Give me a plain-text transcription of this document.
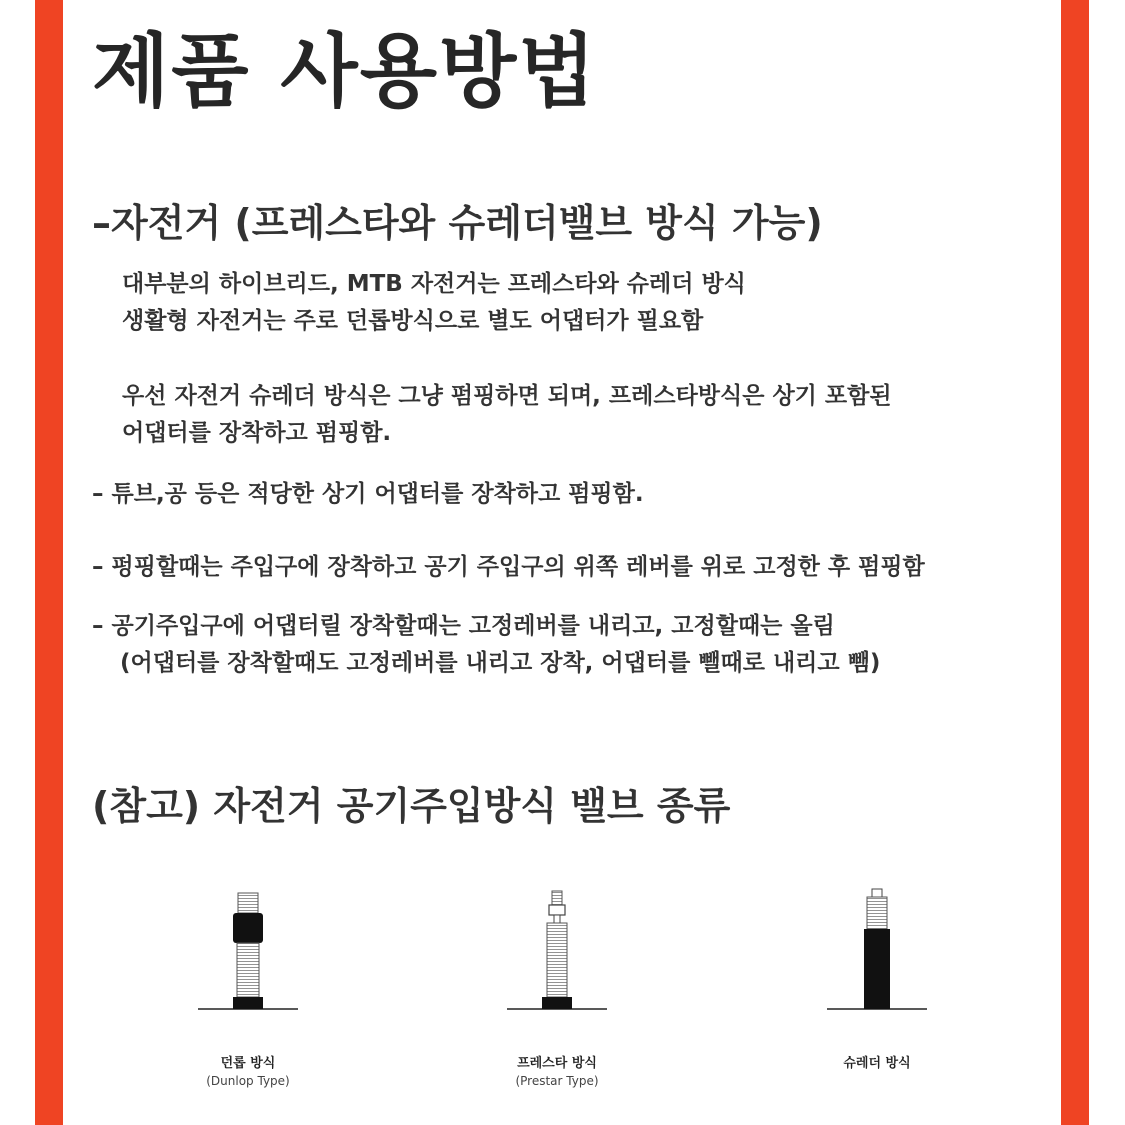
제품 사용방법
–자전거 (프레스타와 슈레더밸브 방식 가능)
대부분의 하이브리드, MTB 자전거는 프레스타와 슈레더 방식
생활형 자전거는 주로 던롭방식으로 별도 어댑터가 필요함
우선 자전거 슈레더 방식은 그냥 펌핑하면 되며, 프레스타방식은 상기 포함된
어댑터를 장착하고 펌핑함.
– 튜브,공 등은 적당한 상기 어댑터를 장착하고 펌핑함.
– 펑핑할때는 주입구에 장착하고 공기 주입구의 위쪽 레버를 위로 고정한 후 펌핑함
– 공기주입구에 어댑터릴 장착할때는 고정레버를 내리고, 고정할때는 올림
(어댑터를 장착할때도 고정레버를 내리고 장착, 어댑터를 뺄때로 내리고 뺌)
(참고) 자전거 공기주입방식 밸브 종류
던롭 방식
(Dunlop Type)
프레스타 방식
(Prestar Type)
슈레더 방식
